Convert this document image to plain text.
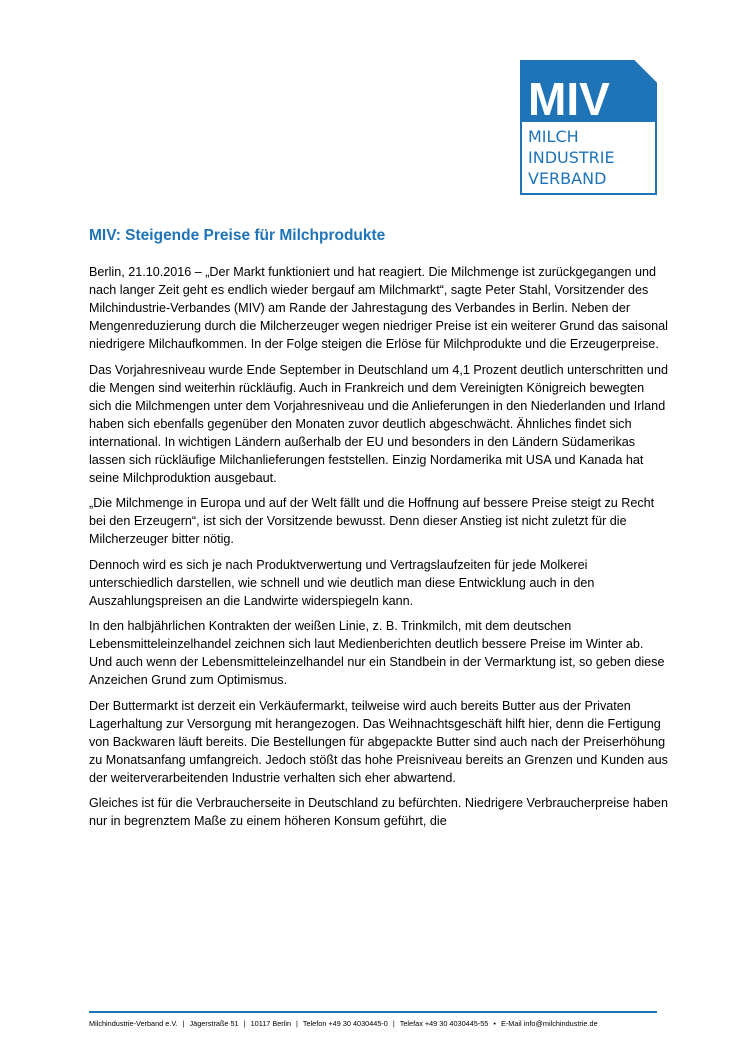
MIV
MILCH
INDUSTRIE
VERBAND
MIV: Steigende Preise für Milchprodukte

Berlin, 21.10.2016 – „Der Markt funktioniert und hat reagiert. Die Milchmenge ist zurückgegangen und nach langer Zeit geht es endlich wieder bergauf am Milchmarkt“, sagte Peter Stahl, Vorsitzender des Milchindustrie-Verbandes (MIV) am Rande der Jahrestagung des Verbandes in Berlin. Neben der Mengenreduzierung durch die Milcherzeuger wegen niedriger Preise ist ein weiterer Grund das saisonal niedrigere Milchaufkommen. In der Folge steigen die Erlöse für Milchprodukte und die Erzeugerpreise.

Das Vorjahresniveau wurde Ende September in Deutschland um 4,1 Prozent deutlich unterschritten und die Mengen sind weiterhin rückläufig. Auch in Frankreich und dem Vereinigten Königreich bewegten sich die Milchmengen unter dem Vorjahresniveau und die Anlieferungen in den Niederlanden und Irland haben sich ebenfalls gegenüber den Monaten zuvor deutlich abgeschwächt. Ähnliches findet sich international. In wichtigen Ländern außerhalb der EU und besonders in den Ländern Südamerikas lassen sich rückläufige Milchanlieferungen feststellen. Einzig Nordamerika mit USA und Kanada hat seine Milchproduktion ausgebaut.

„Die Milchmenge in Europa und auf der Welt fällt und die Hoffnung auf bessere Preise steigt zu Recht bei den Erzeugern“, ist sich der Vorsitzende bewusst. Denn dieser Anstieg ist nicht zuletzt für die Milcherzeuger bitter nötig.

Dennoch wird es sich je nach Produktverwertung und Vertragslaufzeiten für jede Molkerei unterschiedlich darstellen, wie schnell und wie deutlich man diese Entwicklung auch in den Auszahlungspreisen an die Landwirte widerspiegeln kann.

In den halbjährlichen Kontrakten der weißen Linie, z. B. Trinkmilch, mit dem deutschen Lebensmitteleinzelhandel zeichnen sich laut Medienberichten deutlich bessere Preise im Winter ab. Und auch wenn der Lebensmitteleinzelhandel nur ein Standbein in der Vermarktung ist, so geben diese Anzeichen Grund zum Optimismus.

Der Buttermarkt ist derzeit ein Verkäufermarkt, teilweise wird auch bereits Butter aus der Privaten Lagerhaltung zur Versorgung mit herangezogen. Das Weihnachtsgeschäft hilft hier, denn die Fertigung von Backwaren läuft bereits. Die Bestellungen für abgepackte Butter sind auch nach der Preiserhöhung zu Monatsanfang umfangreich. Jedoch stößt das hohe Preisniveau bereits an Grenzen und Kunden aus der weiterverarbeitenden Industrie verhalten sich eher abwartend.

Gleiches ist für die Verbraucherseite in Deutschland zu befürchten. Niedrigere Verbraucherpreise haben nur in begrenztem Maße zu einem höheren Konsum geführt, die

Milchindustrie-Verband e.V. | Jägerstraße 51 | 10117 Berlin | Telefon +49 30 4030445-0 | Telefax +49 30 4030445-55 • E-Mail info@milchindustrie.de
